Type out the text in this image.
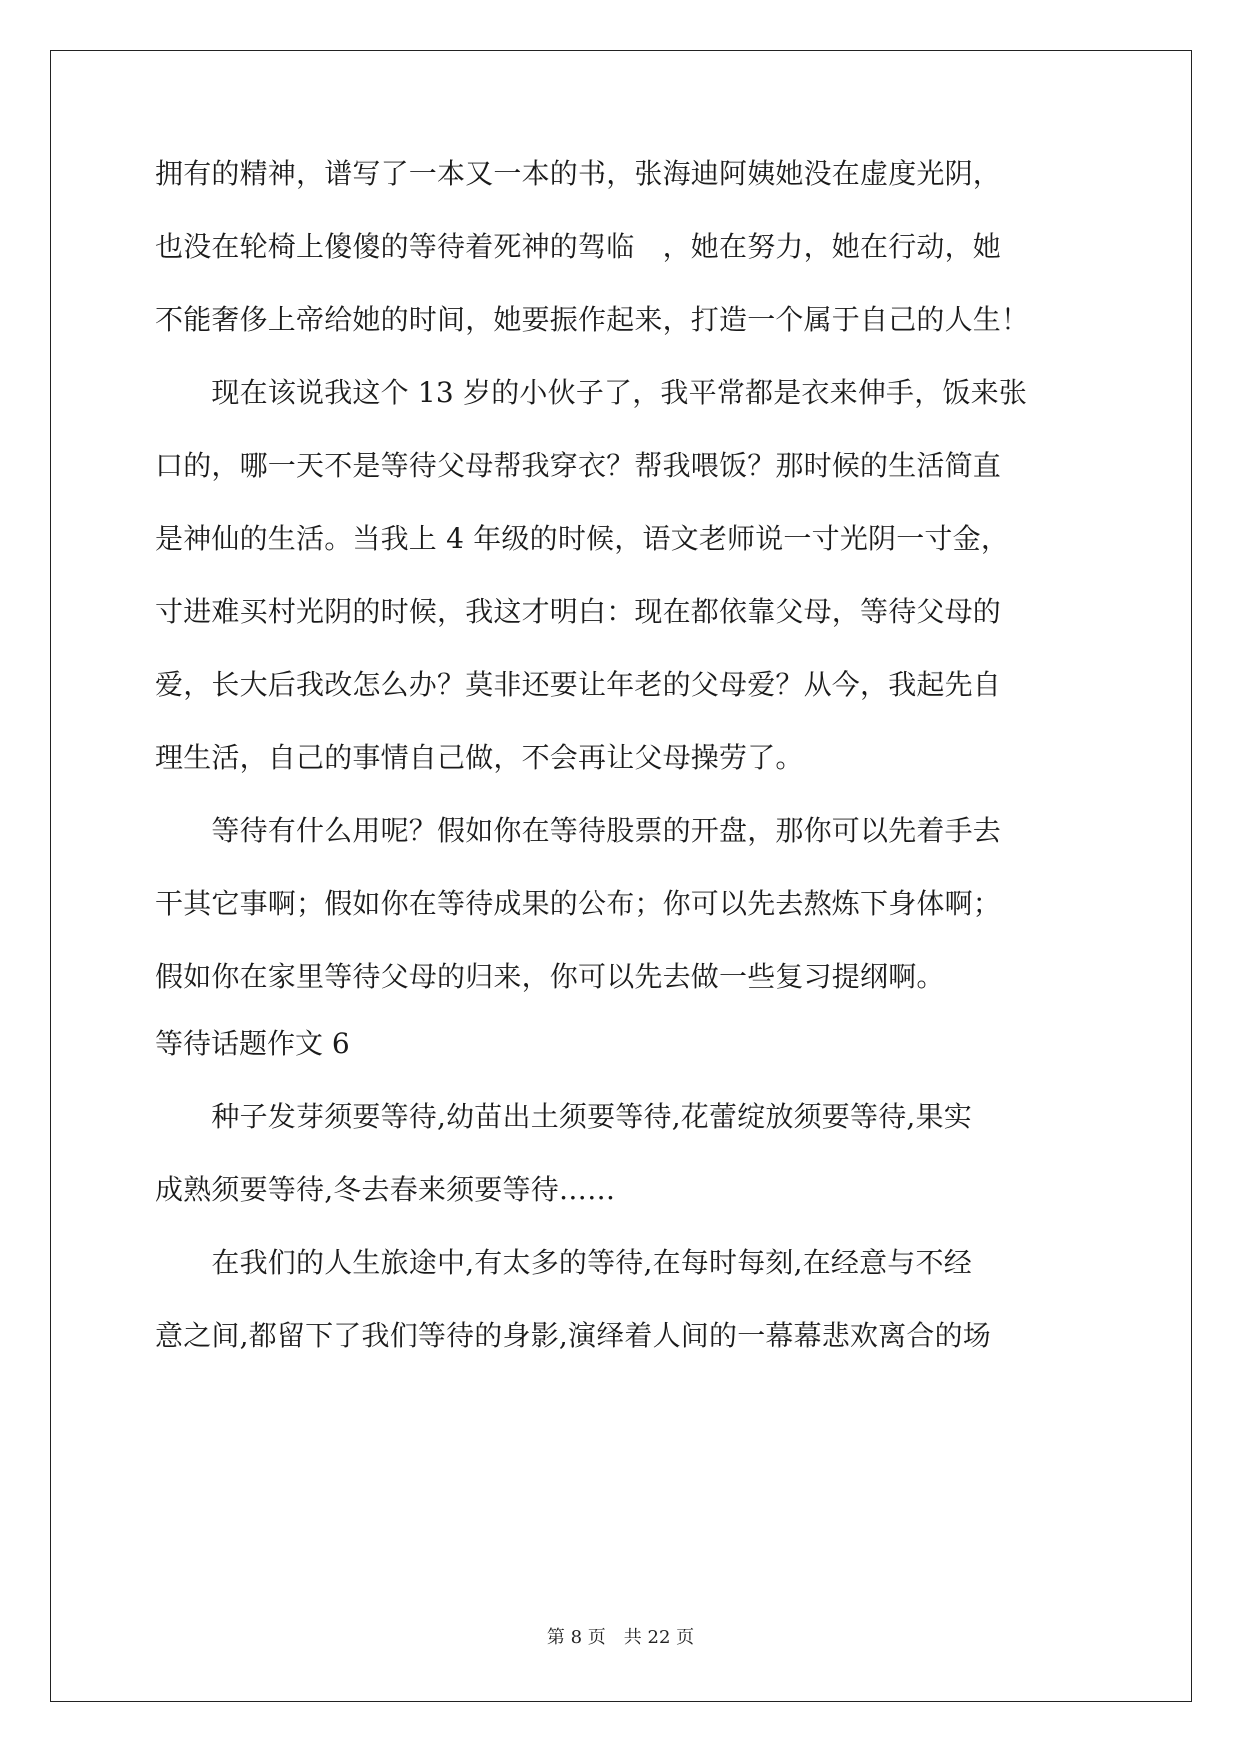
拥有的精神，谱写了一本又一本的书，张海迪阿姨她没在虚度光阴，
也没在轮椅上傻傻的等待着死神的驾临　，她在努力，她在行动，她
不能奢侈上帝给她的时间，她要振作起来，打造一个属于自己的人生！
　　现在该说我这个 13 岁的小伙子了，我平常都是衣来伸手，饭来张
口的，哪一天不是等待父母帮我穿衣？帮我喂饭？那时候的生活简直
是神仙的生活。当我上 4 年级的时候，语文老师说一寸光阴一寸金，
寸进难买村光阴的时候，我这才明白：现在都依靠父母，等待父母的
爱，长大后我改怎么办？莫非还要让年老的父母爱？从今，我起先自
理生活，自己的事情自己做，不会再让父母操劳了。
　　等待有什么用呢？假如你在等待股票的开盘，那你可以先着手去
干其它事啊；假如你在等待成果的公布；你可以先去熬炼下身体啊；
假如你在家里等待父母的归来，你可以先去做一些复习提纲啊。
等待话题作文 6
　　种子发芽须要等待,幼苗出土须要等待,花蕾绽放须要等待,果实
成熟须要等待,冬去春来须要等待……
　　在我们的人生旅途中,有太多的等待,在每时每刻,在经意与不经
意之间,都留下了我们等待的身影,演绎着人间的一幕幕悲欢离合的场
第 8 页　共 22 页
